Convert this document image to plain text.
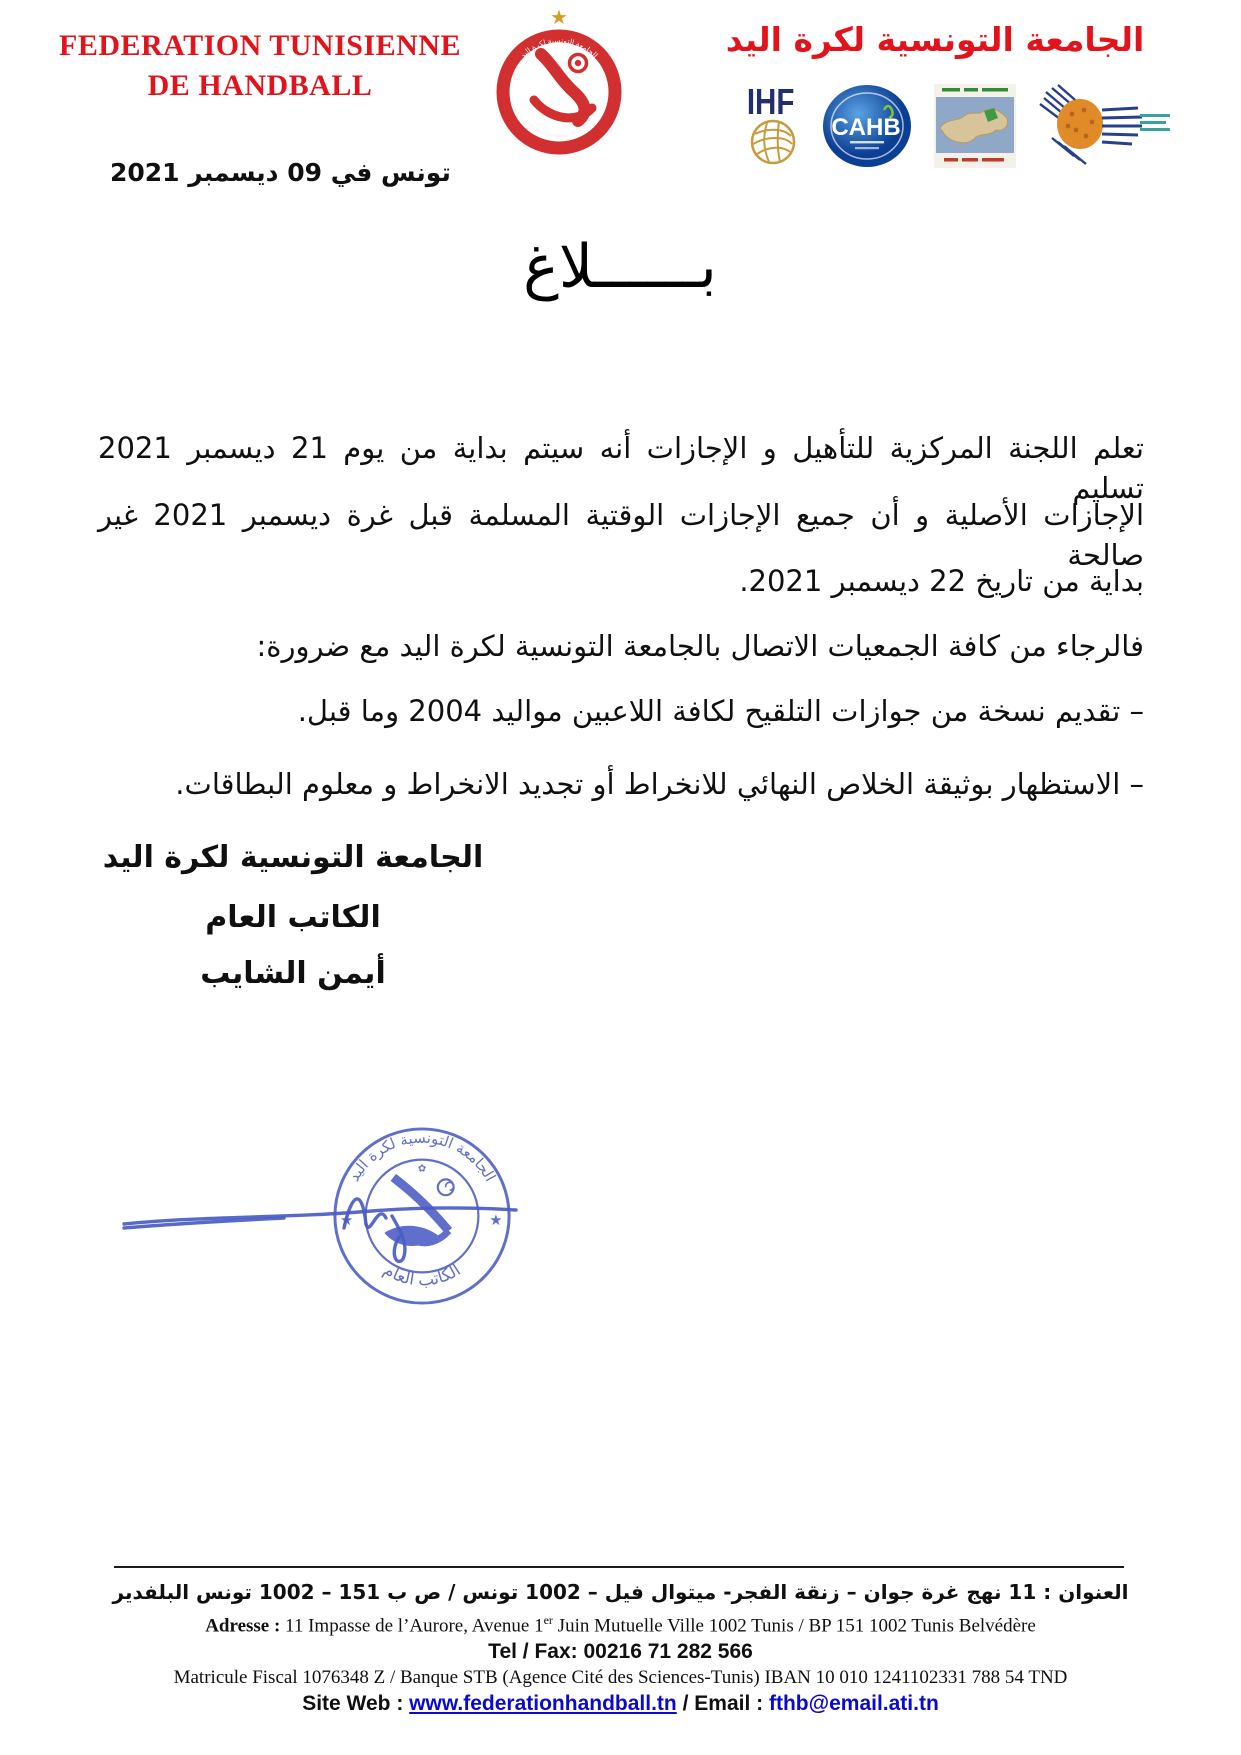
FEDERATION TUNISIENNE
DE HANDBALL
★
الجامعة التونسية لكرة اليد
Federation Tunisienne de Handball
الجامعة التونسية لكرة اليد
IHF
CAHB
تونس في 09 ديسمبر 2021
بــــــلاغ
تعلم اللجنة المركزية للتأهيل و الإجازات أنه سيتم بداية من يوم 21 ديسمبر 2021 تسليم
الإجازات الأصلية و أن جميع الإجازات الوقتية المسلمة قبل غرة ديسمبر 2021 غير صالحة
بداية من تاريخ 22 ديسمبر 2021.
فالرجاء من كافة الجمعيات الاتصال بالجامعة التونسية لكرة اليد مع ضرورة:
– تقديم نسخة من جوازات التلقيح لكافة اللاعبين مواليد 2004 وما قبل.
– الاستظهار بوثيقة الخلاص النهائي للانخراط أو تجديد الانخراط و معلوم البطاقات.
الجامعة التونسية لكرة اليد
الكاتب العام
أيمن الشايب
الجامعة التونسية لكرة اليد
الكاتب العام
★	★
✿
العنوان : 11 نهج غرة جوان – زنقة الفجر- ميتوال فيل – 1002 تونس / ص ب 151 – 1002 تونس البلفدير
Adresse : 11 Impasse de l’Aurore, Avenue 1er Juin Mutuelle Ville 1002 Tunis / BP 151 1002 Tunis Belvédère
Tel / Fax: 00216 71 282 566
Matricule Fiscal 1076348 Z / Banque STB (Agence Cité des Sciences-Tunis) IBAN 10 010 1241102331 788 54 TND
Site Web : www.federationhandball.tn / Email : fthb@email.ati.tn
